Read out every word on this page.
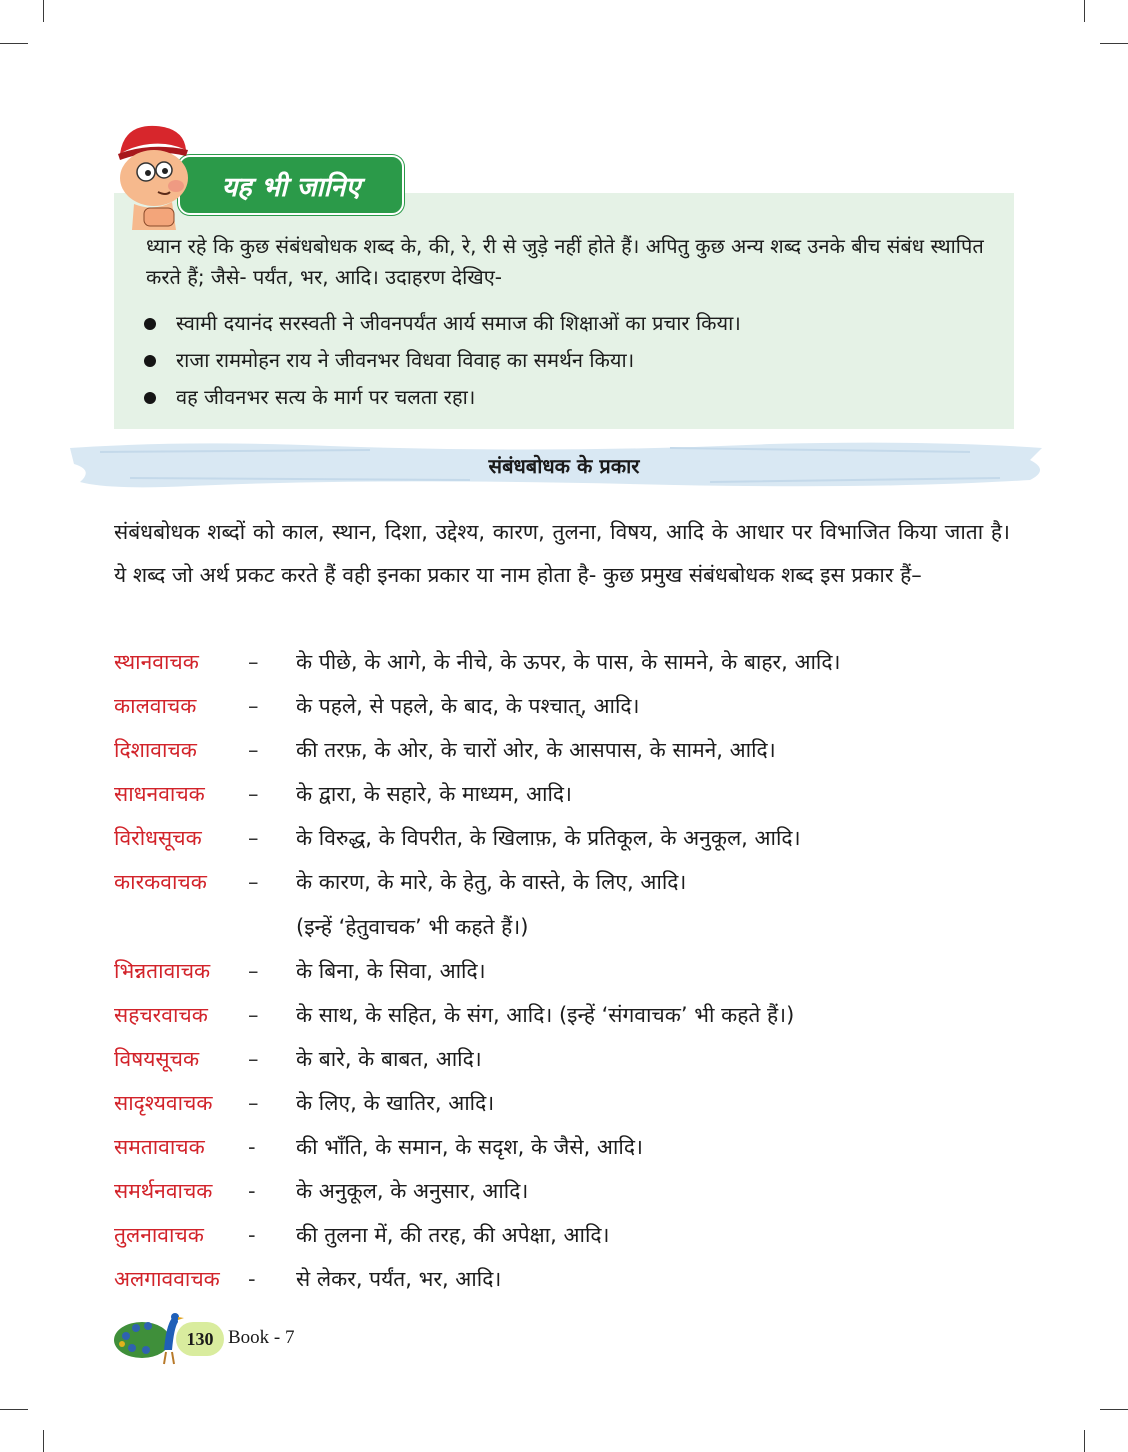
ध्यान रहे कि कुछ संबंधबोधक शब्द के, की, रे, री से जुड़े नहीं होते हैं। अपितु कुछ अन्य शब्द उनके बीच संबंध स्थापित करते हैं; जैसे- पर्यंत, भर, आदि। उदाहरण देखिए-
स्वामी दयानंद सरस्वती ने जीवनपर्यंत आर्य समाज की शिक्षाओं का प्रचार किया।
राजा राममोहन राय ने जीवनभर विधवा विवाह का समर्थन किया।
वह जीवनभर सत्य के मार्ग पर चलता रहा।
यह भी जानिए
संबंधबोधक के प्रकार
संबंधबोधक शब्दों को काल, स्थान, दिशा, उद्देश्य, कारण, तुलना, विषय, आदि के आधार पर विभाजित किया जाता है। ये शब्द जो अर्थ प्रकट करते हैं वही इनका प्रकार या नाम होता है- कुछ प्रमुख संबंधबोधक शब्द इस प्रकार हैं–
स्थानवाचक – के पीछे, के आगे, के नीचे, के ऊपर, के पास, के सामने, के बाहर, आदि।
कालवाचक – के पहले, से पहले, के बाद, के पश्चात्, आदि।
दिशावाचक – की तरफ़, के ओर, के चारों ओर, के आसपास, के सामने, आदि।
साधनवाचक – के द्वारा, के सहारे, के माध्यम, आदि।
विरोधसूचक – के विरुद्ध, के विपरीत, के खिलाफ़, के प्रतिकूल, के अनुकूल, आदि।
कारकवाचक – के कारण, के मारे, के हेतु, के वास्ते, के लिए, आदि।
(इन्हें ‘हेतुवाचक’ भी कहते हैं।)
भिन्नतावाचक – के बिना, के सिवा, आदि।
सहचरवाचक – के साथ, के सहित, के संग, आदि। (इन्हें ‘संगवाचक’ भी कहते हैं।)
विषयसूचक – के बारे, के बाबत, आदि।
सादृश्यवाचक – के लिए, के खातिर, आदि।
समतावाचक - की भाँति, के समान, के सदृश, के जैसे, आदि।
समर्थनवाचक - के अनुकूल, के अनुसार, आदि।
तुलनावाचक - की तुलना में, की तरह, की अपेक्षा, आदि।
अलगाववाचक - से लेकर, पर्यंत, भर, आदि।
130 Book - 7
